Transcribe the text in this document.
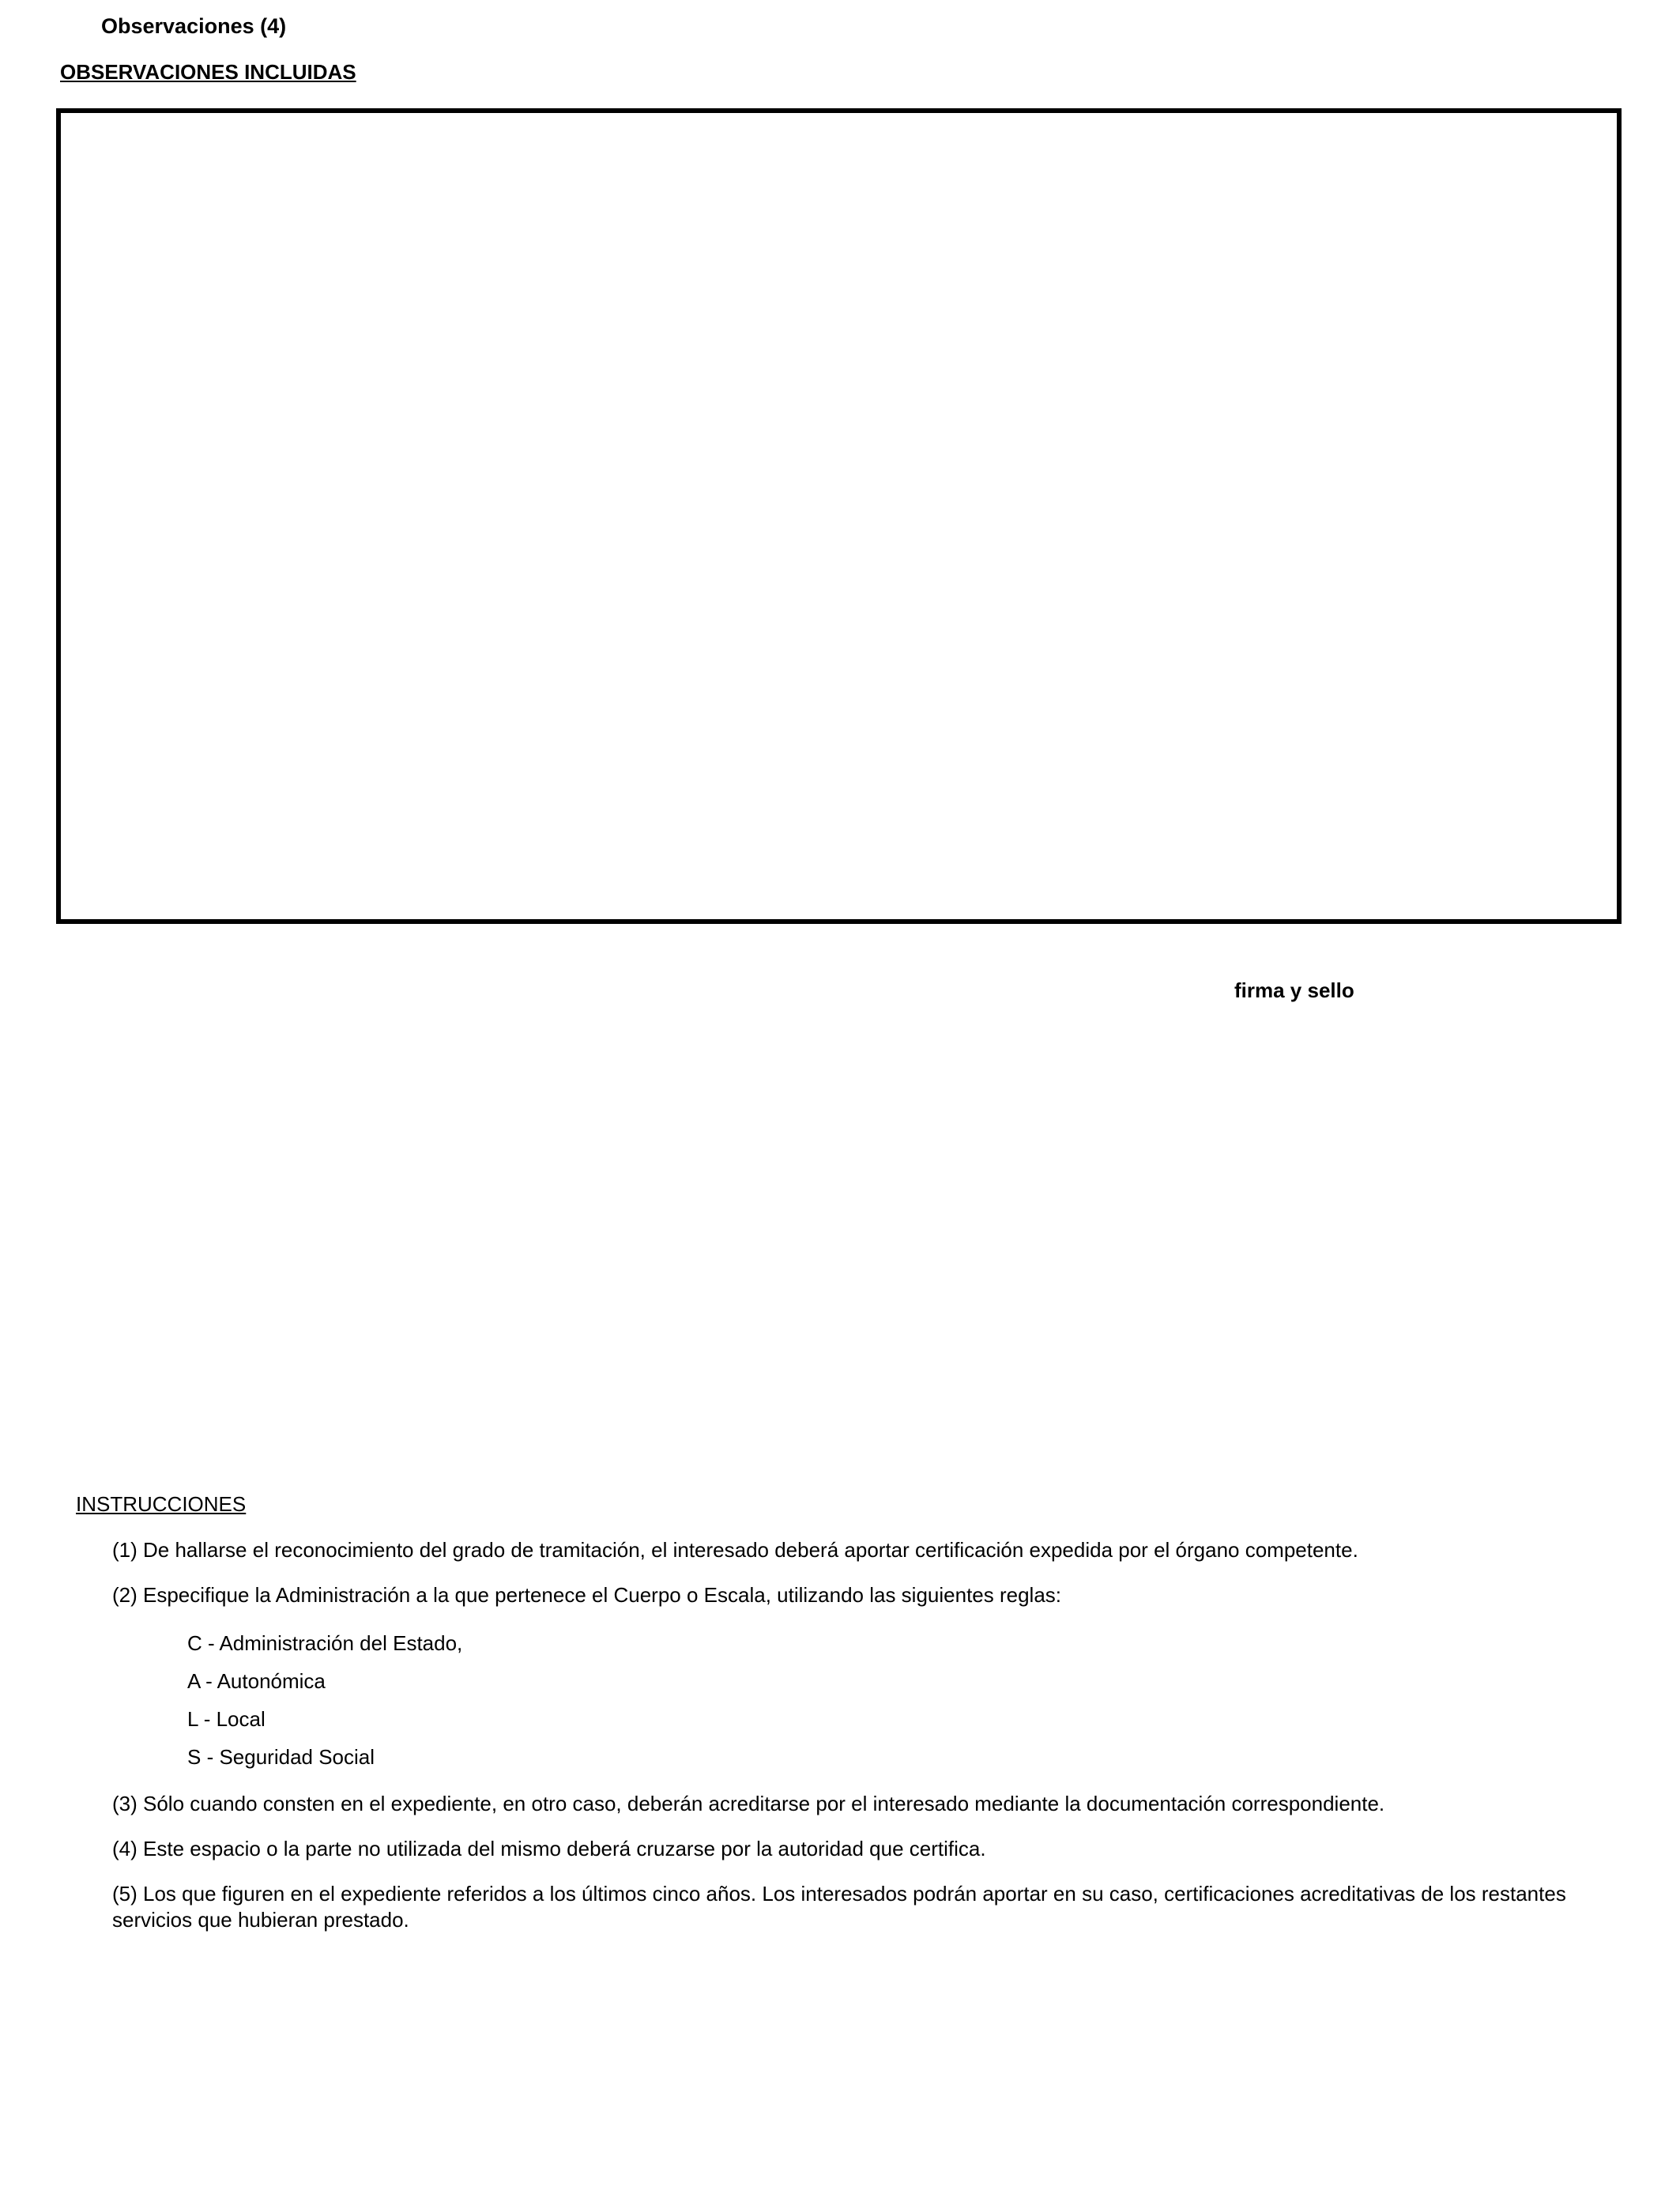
Observaciones (4)
OBSERVACIONES INCLUIDAS
firma y sello
INSTRUCCIONES
(1) De hallarse el reconocimiento del grado de tramitación, el interesado deberá aportar certificación expedida por el órgano competente.
(2) Especifique la Administración a la que pertenece el Cuerpo o Escala, utilizando las siguientes reglas:
C - Administración del Estado,
A - Autonómica
L - Local
S - Seguridad Social
(3) Sólo cuando consten en el expediente, en otro caso, deberán acreditarse por el interesado mediante la documentación correspondiente.
(4) Este espacio o la parte no utilizada del mismo deberá cruzarse por la autoridad que certifica.
(5) Los que figuren en el expediente referidos a los últimos cinco años. Los interesados podrán aportar en su caso, certificaciones acreditativas de los restantes servicios que hubieran prestado.
